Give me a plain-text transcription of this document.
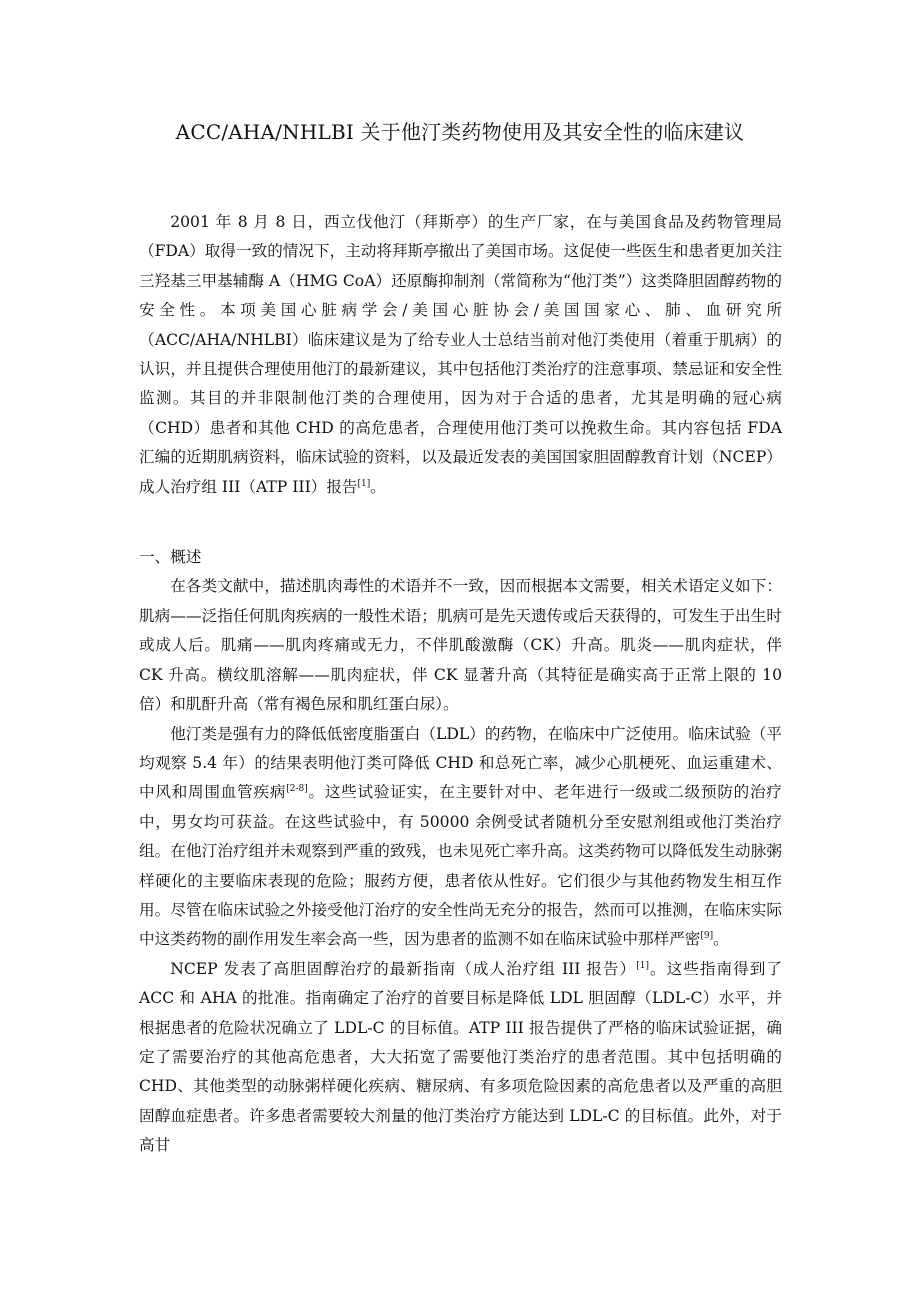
ACC/AHA/NHLBI 关于他汀类药物使用及其安全性的临床建议

2001 年 8 月 8 日，西立伐他汀（拜斯亭）的生产厂家，在与美国食品及药物管理局（FDA）取得一致的情况下，主动将拜斯亭撤出了美国市场。这促使一些医生和患者更加关注三羟基三甲基辅酶 A（HMG CoA）还原酶抑制剂（常简称为“他汀类”）这类降胆固醇药物的安全性。本项美国心脏病学会/美国心脏协会/美国国家心、肺、血研究所（ACC/AHA/NHLBI）临床建议是为了给专业人士总结当前对他汀类使用（着重于肌病）的认识，并且提供合理使用他汀的最新建议，其中包括他汀类治疗的注意事项、禁忌证和安全性监测。其目的并非限制他汀类的合理使用，因为对于合适的患者，尤其是明确的冠心病（CHD）患者和其他 CHD 的高危患者，合理使用他汀类可以挽救生命。其内容包括 FDA 汇编的近期肌病资料，临床试验的资料，以及最近发表的美国国家胆固醇教育计划（NCEP）成人治疗组 III（ATP III）报告[1]。

一、概述

在各类文献中，描述肌肉毒性的术语并不一致，因而根据本文需要，相关术语定义如下：肌病——泛指任何肌肉疾病的一般性术语；肌病可是先天遗传或后天获得的，可发生于出生时或成人后。肌痛——肌肉疼痛或无力，不伴肌酸激酶（CK）升高。肌炎——肌肉症状，伴 CK 升高。横纹肌溶解——肌肉症状，伴 CK 显著升高（其特征是确实高于正常上限的 10 倍）和肌酐升高（常有褐色尿和肌红蛋白尿）。

他汀类是强有力的降低低密度脂蛋白（LDL）的药物，在临床中广泛使用。临床试验（平均观察 5.4 年）的结果表明他汀类可降低 CHD 和总死亡率，减少心肌梗死、血运重建术、中风和周围血管疾病[2-8]。这些试验证实，在主要针对中、老年进行一级或二级预防的治疗中，男女均可获益。在这些试验中，有 50000 余例受试者随机分至安慰剂组或他汀类治疗组。在他汀治疗组并未观察到严重的致残，也未见死亡率升高。这类药物可以降低发生动脉粥样硬化的主要临床表现的危险；服药方便，患者依从性好。它们很少与其他药物发生相互作用。尽管在临床试验之外接受他汀治疗的安全性尚无充分的报告，然而可以推测，在临床实际中这类药物的副作用发生率会高一些，因为患者的监测不如在临床试验中那样严密[9]。

NCEP 发表了高胆固醇治疗的最新指南（成人治疗组 III 报告）[1]。这些指南得到了 ACC 和 AHA 的批准。指南确定了治疗的首要目标是降低 LDL 胆固醇（LDL-C）水平，并根据患者的危险状况确立了 LDL-C 的目标值。ATP III 报告提供了严格的临床试验证据，确定了需要治疗的其他高危患者，大大拓宽了需要他汀类治疗的患者范围。其中包括明确的 CHD、其他类型的动脉粥样硬化疾病、糖尿病、有多项危险因素的高危患者以及严重的高胆固醇血症患者。许多患者需要较大剂量的他汀类治疗方能达到 LDL-C 的目标值。此外，对于高甘
